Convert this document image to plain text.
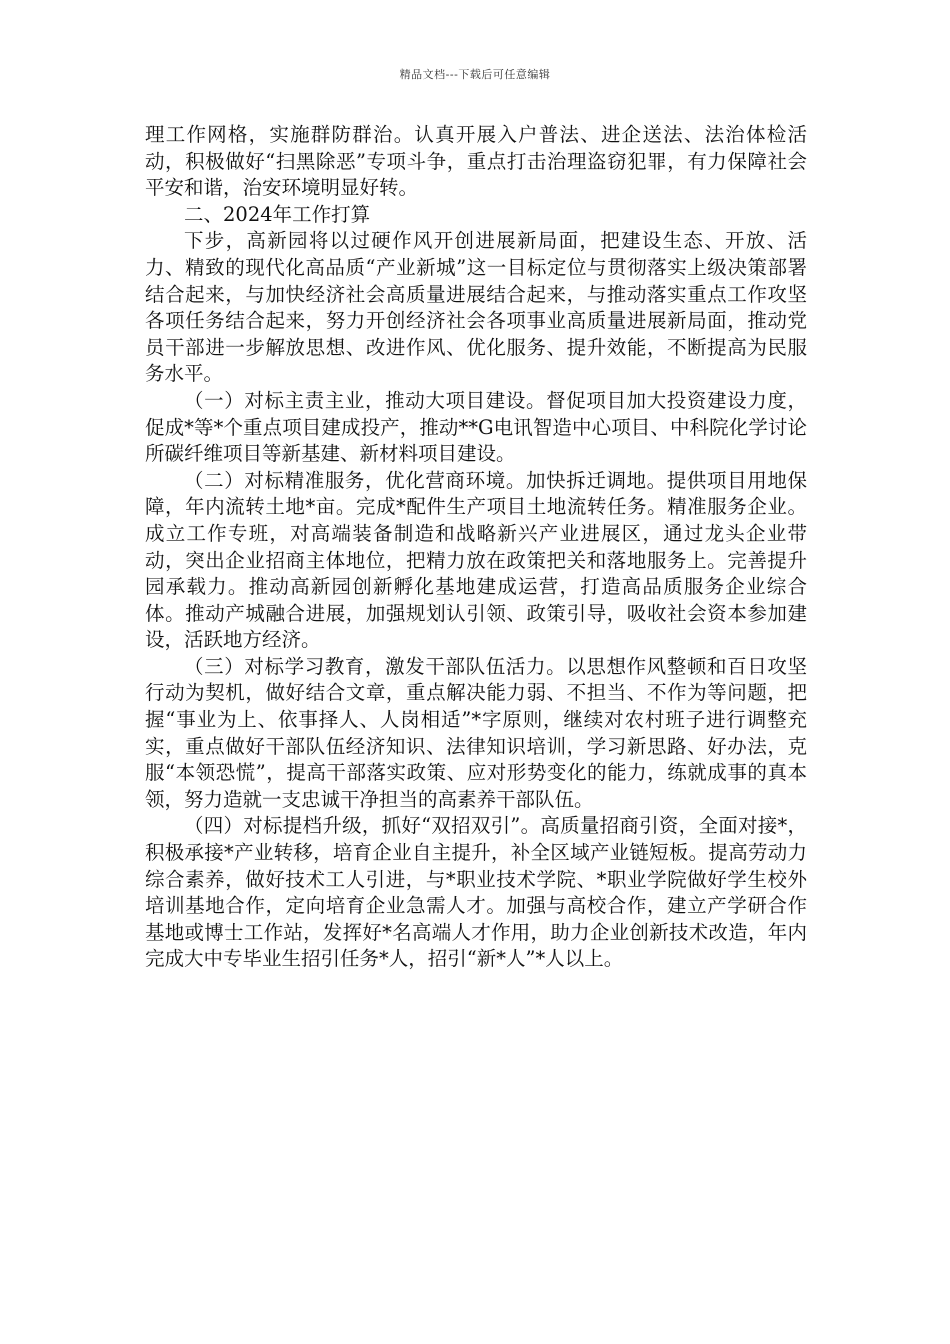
精品文档---下载后可任意编辑

理工作网格，实施群防群治。认真开展入户普法、进企送法、法治体检活动，积极做好“扫黑除恶”专项斗争，重点打击治理盗窃犯罪，有力保障社会平安和谐，治安环境明显好转。

二、2024年工作打算

下步，高新园将以过硬作风开创进展新局面，把建设生态、开放、活力、精致的现代化高品质“产业新城”这一目标定位与贯彻落实上级决策部署结合起来，与加快经济社会高质量进展结合起来，与推动落实重点工作攻坚各项任务结合起来，努力开创经济社会各项事业高质量进展新局面，推动党员干部进一步解放思想、改进作风、优化服务、提升效能，不断提高为民服务水平。

（一）对标主责主业，推动大项目建设。督促项目加大投资建设力度， 促成*等*个重点项目建成投产，推动**G电讯智造中心项目、中科院化学讨论所碳纤维项目等新基建、新材料项目建设。

（二）对标精准服务，优化营商环境。加快拆迁调地。提供项目用地保障，年内流转土地*亩。完成*配件生产项目土地流转任务。精准服务企业。成立工作专班，对高端装备制造和战略新兴产业进展区，通过龙头企业带动，突出企业招商主体地位，把精力放在政策把关和落地服务上。完善提升园承载力。推动高新园创新孵化基地建成运营，打造高品质服务企业综合体。推动产城融合进展，加强规划认引领、政策引导，吸收社会资本参加建设，活跃地方经济。

（三）对标学习教育，激发干部队伍活力。以思想作风整顿和百日攻坚行动为契机，做好结合文章，重点解决能力弱、不担当、不作为等问题，把握“事业为上、依事择人、人岗相适”*字原则，继续对农村班子进行调整充实，重点做好干部队伍经济知识、法律知识培训，学习新思路、好办法，克服“本领恐慌”，提高干部落实政策、应对形势变化的能力，练就成事的真本领，努力造就一支忠诚干净担当的高素养干部队伍。

（四）对标提档升级，抓好“双招双引”。高质量招商引资，全面对接*，积极承接*产业转移，培育企业自主提升，补全区域产业链短板。提高劳动力综合素养，做好技术工人引进，与*职业技术学院、*职业学院做好学生校外培训基地合作，定向培育企业急需人才。加强与高校合作，建立产学研合作基地或博士工作站，发挥好*名高端人才作用，助力企业创新技术改造，年内完成大中专毕业生招引任务*人，招引“新*人”*人以上。
